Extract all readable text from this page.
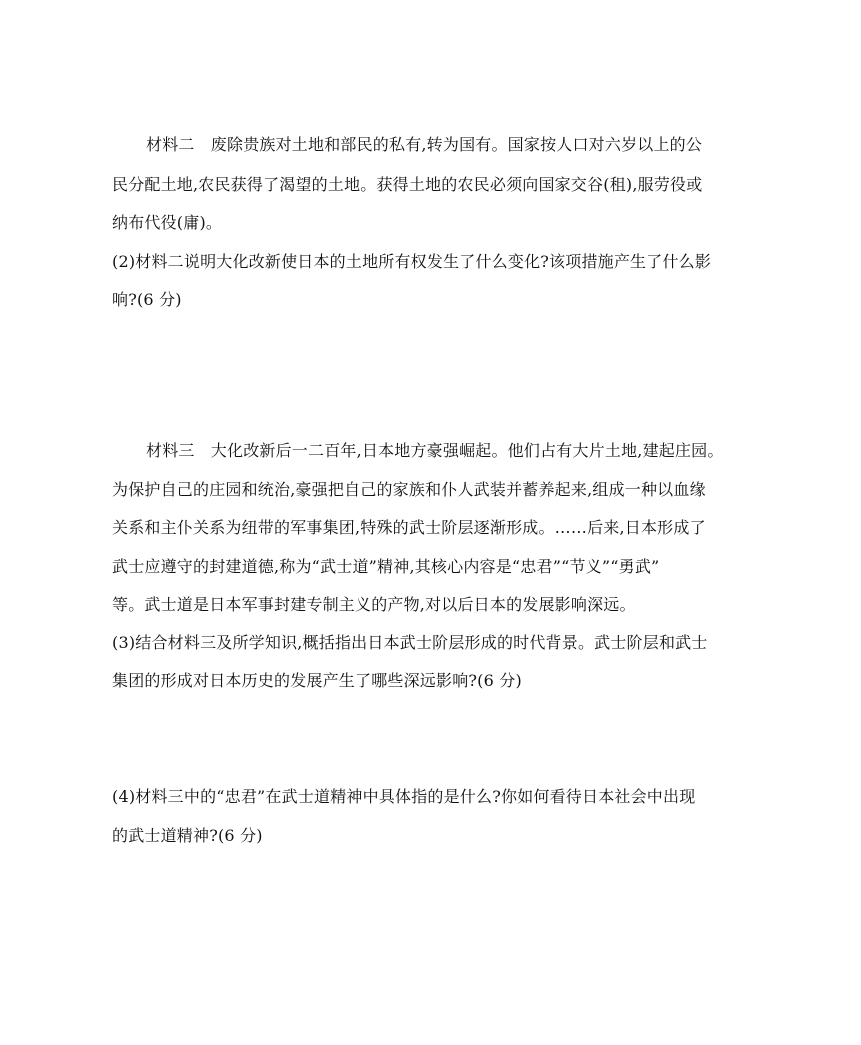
材料二　废除贵族对土地和部民的私有,转为国有。国家按人口对六岁以上的公
民分配土地,农民获得了渴望的土地。获得土地的农民必须向国家交谷(租),服劳役或
纳布代役(庸)。
(2)材料二说明大化改新使日本的土地所有权发生了什么变化?该项措施产生了什么影
响?(6 分)
材料三　大化改新后一二百年,日本地方豪强崛起。他们占有大片土地,建起庄园。
为保护自己的庄园和统治,豪强把自己的家族和仆人武装并蓄养起来,组成一种以血缘
关系和主仆关系为纽带的军事集团,特殊的武士阶层逐渐形成。……后来,日本形成了
武士应遵守的封建道德,称为“武士道”精神,其核心内容是“忠君”“节义”“勇武”
等。武士道是日本军事封建专制主义的产物,对以后日本的发展影响深远。
(3)结合材料三及所学知识,概括指出日本武士阶层形成的时代背景。武士阶层和武士
集团的形成对日本历史的发展产生了哪些深远影响?(6 分)
(4)材料三中的“忠君”在武士道精神中具体指的是什么?你如何看待日本社会中出现
的武士道精神?(6 分)
